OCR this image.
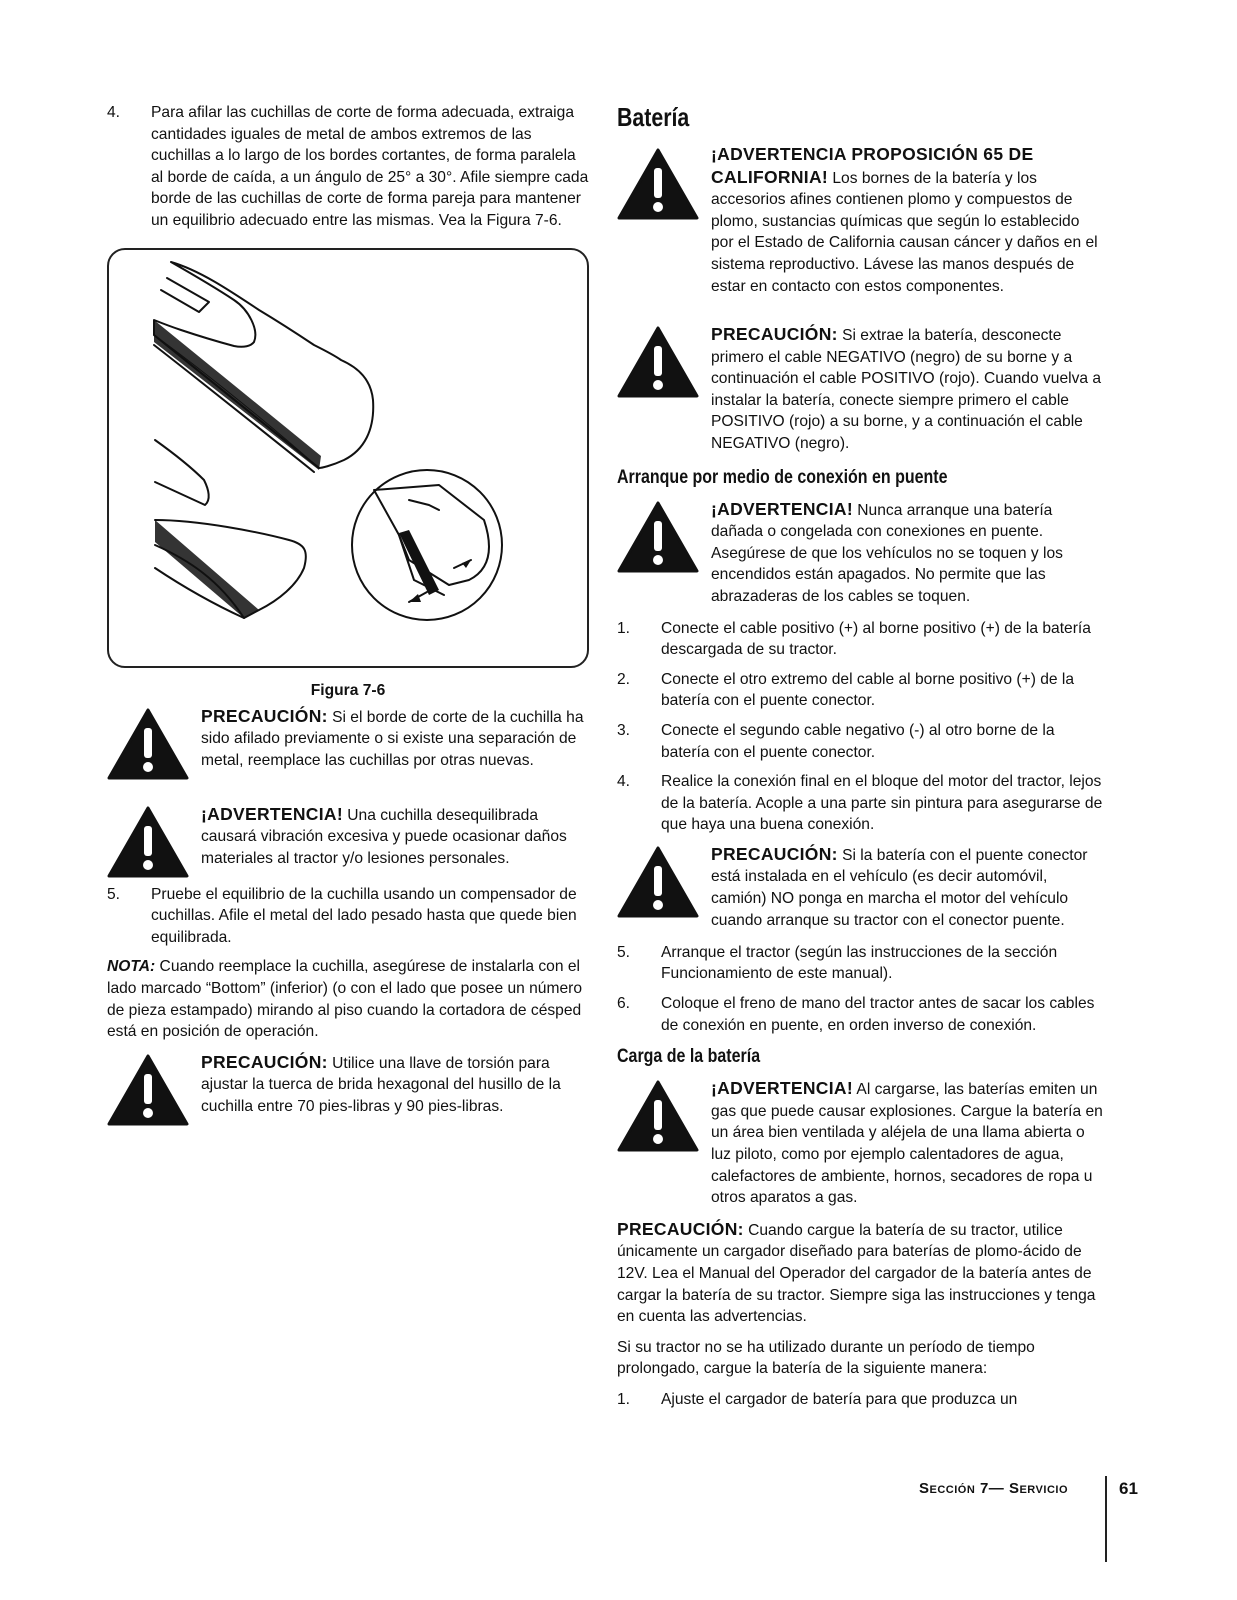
4. Para afilar las cuchillas de corte de forma adecuada, extraiga cantidades iguales de metal de ambos extremos de las cuchillas a lo largo de los bordes cortantes, de forma paralela al borde de caída, a un ángulo de 25° a 30°. Afile siempre cada borde de las cuchillas de corte de forma pareja para mantener un equilibrio adecuado entre las mismas. Vea la Figura 7-6.
Figura 7-6
PRECAUCIÓN: Si el borde de corte de la cuchilla ha sido afilado previamente o si existe una separación de metal, reemplace las cuchillas por otras nuevas.
¡ADVERTENCIA! Una cuchilla desequilibrada causará vibración excesiva y puede ocasionar daños materiales al tractor y/o lesiones personales.
5. Pruebe el equilibrio de la cuchilla usando un compensador de cuchillas. Afile el metal del lado pesado hasta que quede bien equilibrada.

NOTA: Cuando reemplace la cuchilla, asegúrese de instalarla con el lado marcado “Bottom” (inferior) (o con el lado que posee un número de pieza estampado) mirando al piso cuando la cortadora de césped está en posición de operación.

PRECAUCIÓN: Utilice una llave de torsión para ajustar la tuerca de brida hexagonal del husillo de la cuchilla entre 70 pies-libras y 90 pies-libras.
Batería
¡ADVERTENCIA PROPOSICIÓN 65 DE CALIFORNIA! Los bornes de la batería y los accesorios afines contienen plomo y compuestos de plomo, sustancias químicas que según lo establecido por el Estado de California causan cáncer y daños en el sistema reproductivo. Lávese las manos después de estar en contacto con estos componentes.
PRECAUCIÓN: Si extrae la batería, desconecte primero el cable NEGATIVO (negro) de su borne y a continuación el cable POSITIVO (rojo). Cuando vuelva a instalar la batería, conecte siempre primero el cable POSITIVO (rojo) a su borne, y a continuación el cable NEGATIVO (negro).
Arranque por medio de conexión en puente
¡ADVERTENCIA! Nunca arranque una batería dañada o congelada con conexiones en puente. Asegúrese de que los vehículos no se toquen y los encendidos están apagados. No permite que las abrazaderas de los cables se toquen.
1. Conecte el cable positivo (+) al borne positivo (+) de la batería descargada de su tractor.
2. Conecte el otro extremo del cable al borne positivo (+) de la batería con el puente conector.
3. Conecte el segundo cable negativo (-) al otro borne de la batería con el puente conector.
4. Realice la conexión final en el bloque del motor del tractor, lejos de la batería. Acople a una parte sin pintura para asegurarse de que haya una buena conexión.
PRECAUCIÓN: Si la batería con el puente conector está instalada en el vehículo (es decir automóvil, camión) NO ponga en marcha el motor del vehículo cuando arranque su tractor con el conector puente.
5. Arranque el tractor (según las instrucciones de la sección Funcionamiento de este manual).
6. Coloque el freno de mano del tractor antes de sacar los cables de conexión en puente, en orden inverso de conexión.
Carga de la batería
¡ADVERTENCIA! Al cargarse, las baterías emiten un gas que puede causar explosiones. Cargue la batería en un área bien ventilada y aléjela de una llama abierta o luz piloto, como por ejemplo calentadores de agua, calefactores de ambiente, hornos, secadores de ropa u otros aparatos a gas.

PRECAUCIÓN: Cuando cargue la batería de su tractor, utilice únicamente un cargador diseñado para baterías de plomo-ácido de 12V. Lea el Manual del Operador del cargador de la batería antes de cargar la batería de su tractor. Siempre siga las instrucciones y tenga en cuenta las advertencias.

Si su tractor no se ha utilizado durante un período de tiempo prolongado, cargue la batería de la siguiente manera:

1. Ajuste el cargador de batería para que produzca un
Sección 7— Servicio	61
